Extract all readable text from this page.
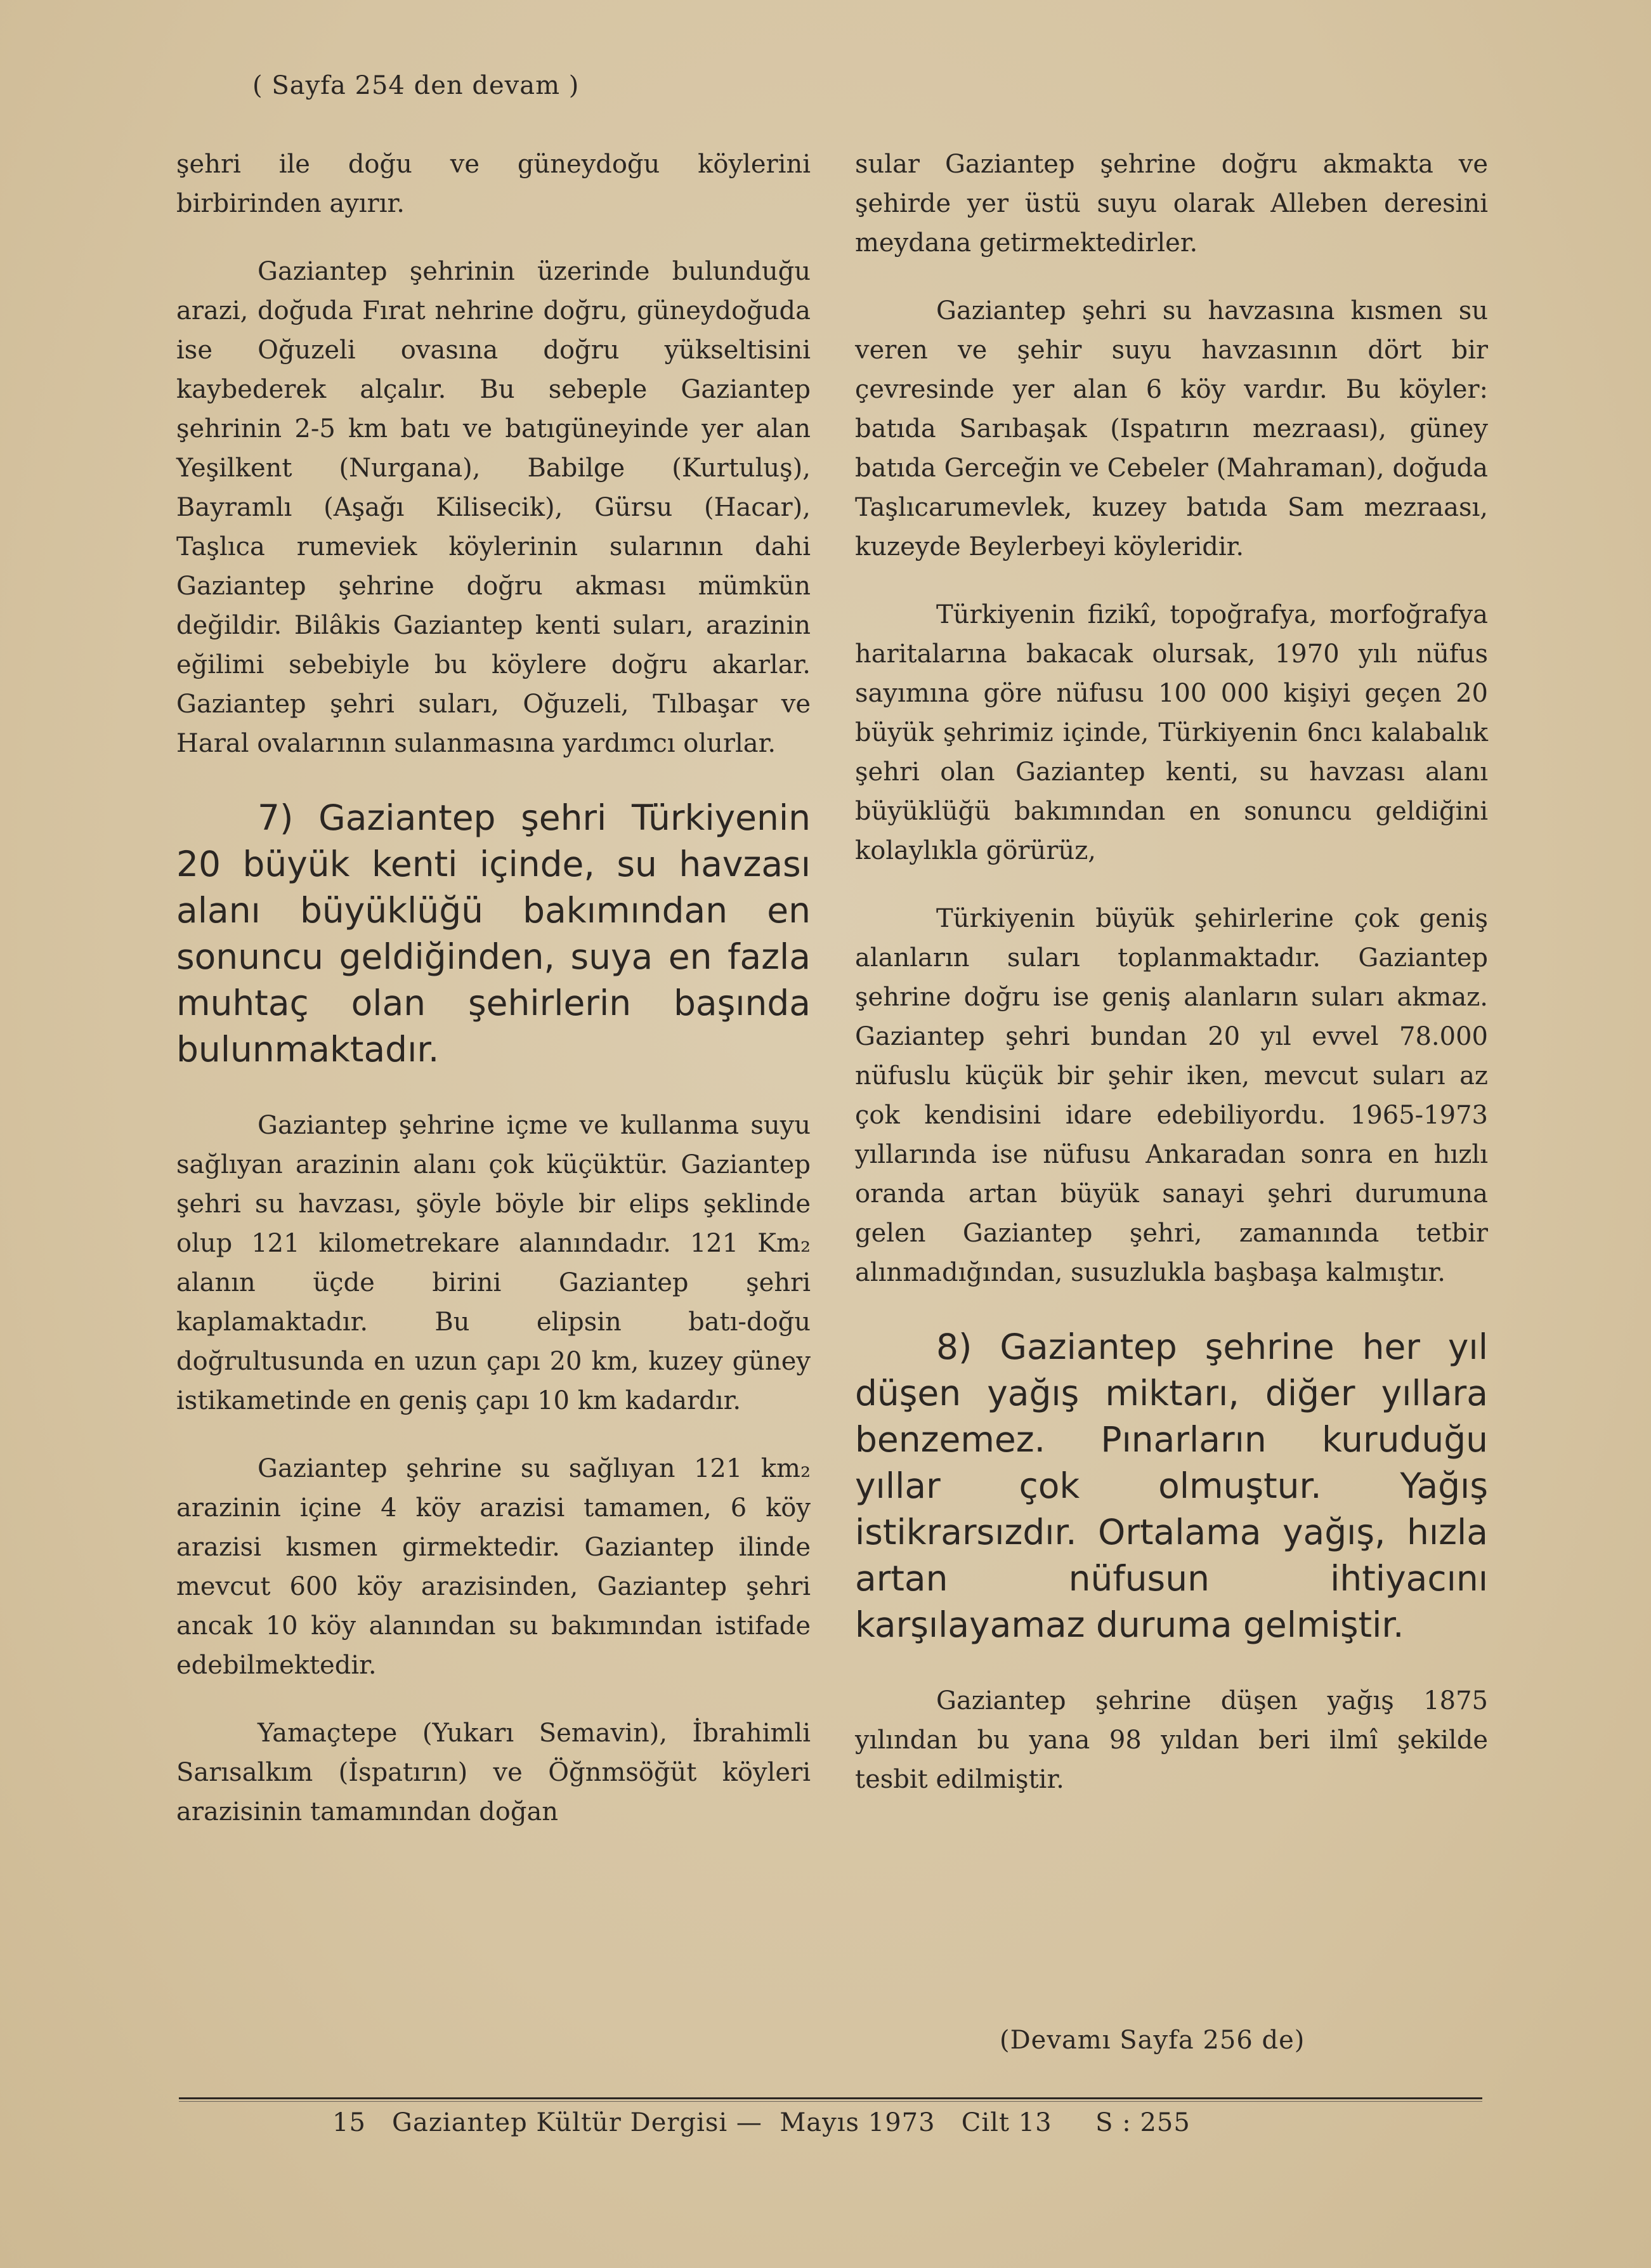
( Sayfa 254 den devam )

şehri ile doğu ve güneydoğu köylerini birbirinden ayırır.

Gaziantep şehrinin üzerinde bulunduğu arazi, doğuda Fırat nehrine doğru, güneydoğuda ise Oğuzeli ovasına doğru yükseltisini kaybederek alçalır. Bu sebeple Gaziantep şehrinin 2-5 km batı ve batıgüneyinde yer alan Yeşilkent (Nurgana), Babilge (Kurtuluş), Bayramlı (Aşağı Kilisecik), Gürsu (Hacar), Taşlıca rumeviek köylerinin sularının dahi Gaziantep şehrine doğru akması mümkün değildir. Bilâkis Gaziantep kenti suları, arazinin eğilimi sebebiyle bu köylere doğru akarlar. Gaziantep şehri suları, Oğuzeli, Tılbaşar ve Haral ovalarının sulanmasına yardımcı olurlar.

7) Gaziantep şehri Türkiyenin 20 büyük kenti içinde, su havzası alanı büyüklüğü bakımından en sonuncu geldiğinden, suya en fazla muhtaç olan şehirlerin başında bulunmaktadır.

Gaziantep şehrine içme ve kullanma suyu sağlıyan arazinin alanı çok küçüktür. Gaziantep şehri su havzası, şöyle böyle bir elips şeklinde olup 121 kilometrekare alanındadır. 121 Km₂ alanın üçde birini Gaziantep şehri kaplamaktadır. Bu elipsin batı-doğu doğrultusunda en uzun çapı 20 km, kuzey güney istikametinde en geniş çapı 10 km kadardır.

Gaziantep şehrine su sağlıyan 121 km₂ arazinin içine 4 köy arazisi tamamen, 6 köy arazisi kısmen girmektedir. Gaziantep ilinde mevcut 600 köy arazisinden, Gaziantep şehri ancak 10 köy alanından su bakımından istifade edebilmektedir.

Yamaçtepe (Yukarı Semavin), İbrahimli Sarısalkım (İspatırın) ve Öğnmsöğüt köyleri arazisinin tamamından doğan

sular Gaziantep şehrine doğru akmakta ve şehirde yer üstü suyu olarak Alleben deresini meydana getirmektedirler.

Gaziantep şehri su havzasına kısmen su veren ve şehir suyu havzasının dört bir çevresinde yer alan 6 köy vardır. Bu köyler: batıda Sarıbaşak (Ispatırın mezraası), güney batıda Gerceğin ve Cebeler (Mahraman), doğuda Taşlıcarumevlek, kuzey batıda Sam mezraası, kuzeyde Beylerbeyi köyleridir.

Türkiyenin fizikî, topoğrafya, morfoğrafya haritalarına bakacak olursak, 1970 yılı nüfus sayımına göre nüfusu 100 000 kişiyi geçen 20 büyük şehrimiz içinde, Türkiyenin 6ncı kalabalık şehri olan Gaziantep kenti, su havzası alanı büyüklüğü bakımından en sonuncu geldiğini kolaylıkla görürüz,

Türkiyenin büyük şehirlerine çok geniş alanların suları toplanmaktadır. Gaziantep şehrine doğru ise geniş alanların suları akmaz. Gaziantep şehri bundan 20 yıl evvel 78.000 nüfuslu küçük bir şehir iken, mevcut suları az çok kendisini idare edebiliyordu. 1965-1973 yıllarında ise nüfusu Ankaradan sonra en hızlı oranda artan büyük sanayi şehri durumuna gelen Gaziantep şehri, zamanında tetbir alınmadığından, susuzlukla başbaşa kalmıştır.

8) Gaziantep şehrine her yıl düşen yağış miktarı, diğer yıllara benzemez. Pınarların kuruduğu yıllar çok olmuştur. Yağış istikrarsızdır. Ortalama yağış, hızla artan nüfusun ihtiyacını karşılayamaz duruma gelmiştir.

Gaziantep şehrine düşen yağış 1875 yılından bu yana 98 yıldan beri ilmî şekilde tesbit edilmiştir.

(Devamı Sayfa 256 de)
15   Gaziantep Kültür Dergisi —  Mayıs 1973   Cilt 13     S : 255
